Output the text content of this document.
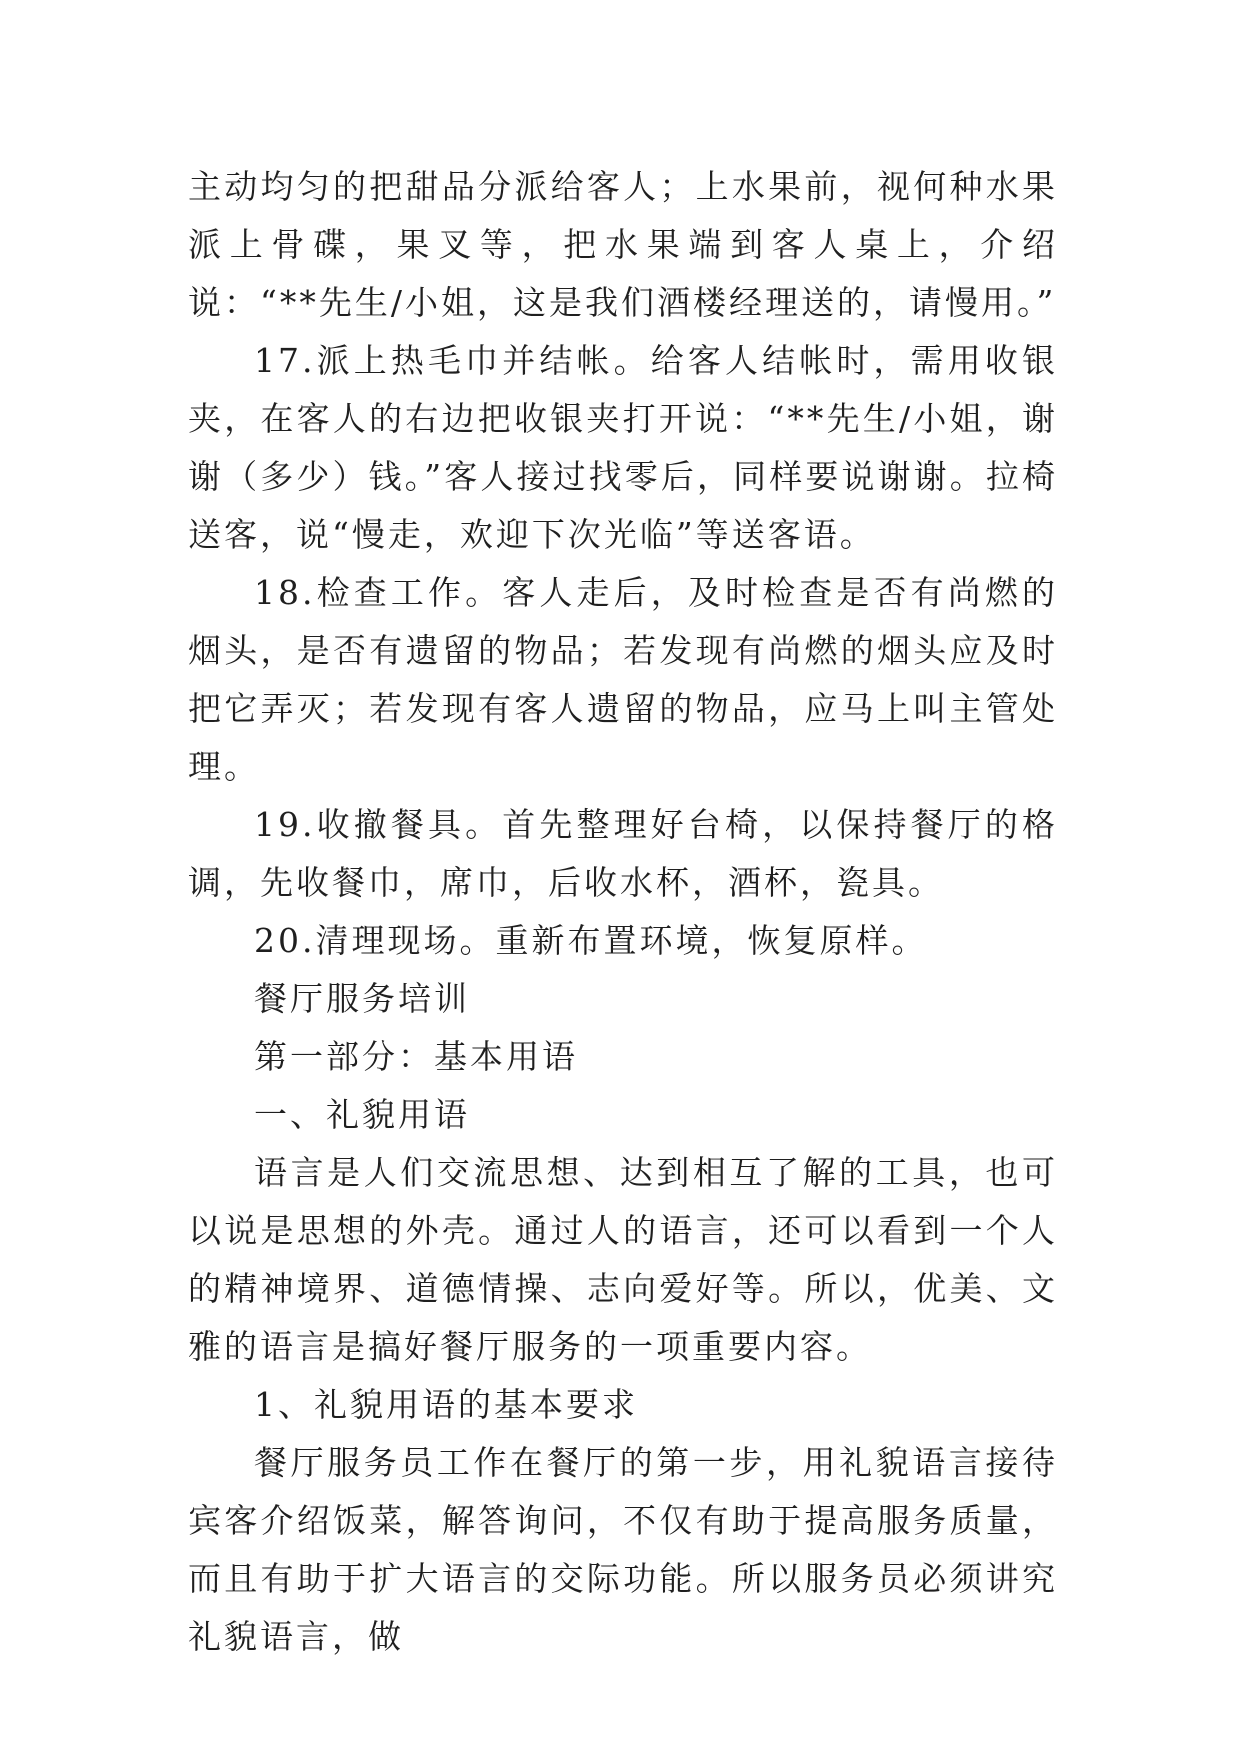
主动均匀的把甜品分派给客人；上水果前，视何种水果派上骨碟，果叉等，把水果端到客人桌上，介绍说：“**先生/小姐，这是我们酒楼经理送的，请慢用。”

17.派上热毛巾并结帐。给客人结帐时，需用收银夹，在客人的右边把收银夹打开说：“**先生/小姐，谢谢（多少）钱。”客人接过找零后，同样要说谢谢。拉椅送客，说“慢走，欢迎下次光临”等送客语。

18.检查工作。客人走后，及时检查是否有尚燃的烟头，是否有遗留的物品；若发现有尚燃的烟头应及时把它弄灭；若发现有客人遗留的物品，应马上叫主管处理。

19.收撤餐具。首先整理好台椅，以保持餐厅的格调，先收餐巾，席巾，后收水杯，酒杯，瓷具。

20.清理现场。重新布置环境，恢复原样。

餐厅服务培训

第一部分：基本用语

一、礼貌用语

语言是人们交流思想、达到相互了解的工具，也可以说是思想的外壳。通过人的语言，还可以看到一个人的精神境界、道德情操、志向爱好等。所以，优美、文雅的语言是搞好餐厅服务的一项重要内容。

1、礼貌用语的基本要求

餐厅服务员工作在餐厅的第一步，用礼貌语言接待宾客介绍饭菜，解答询问，不仅有助于提高服务质量，而且有助于扩大语言的交际功能。所以服务员必须讲究礼貌语言，做
